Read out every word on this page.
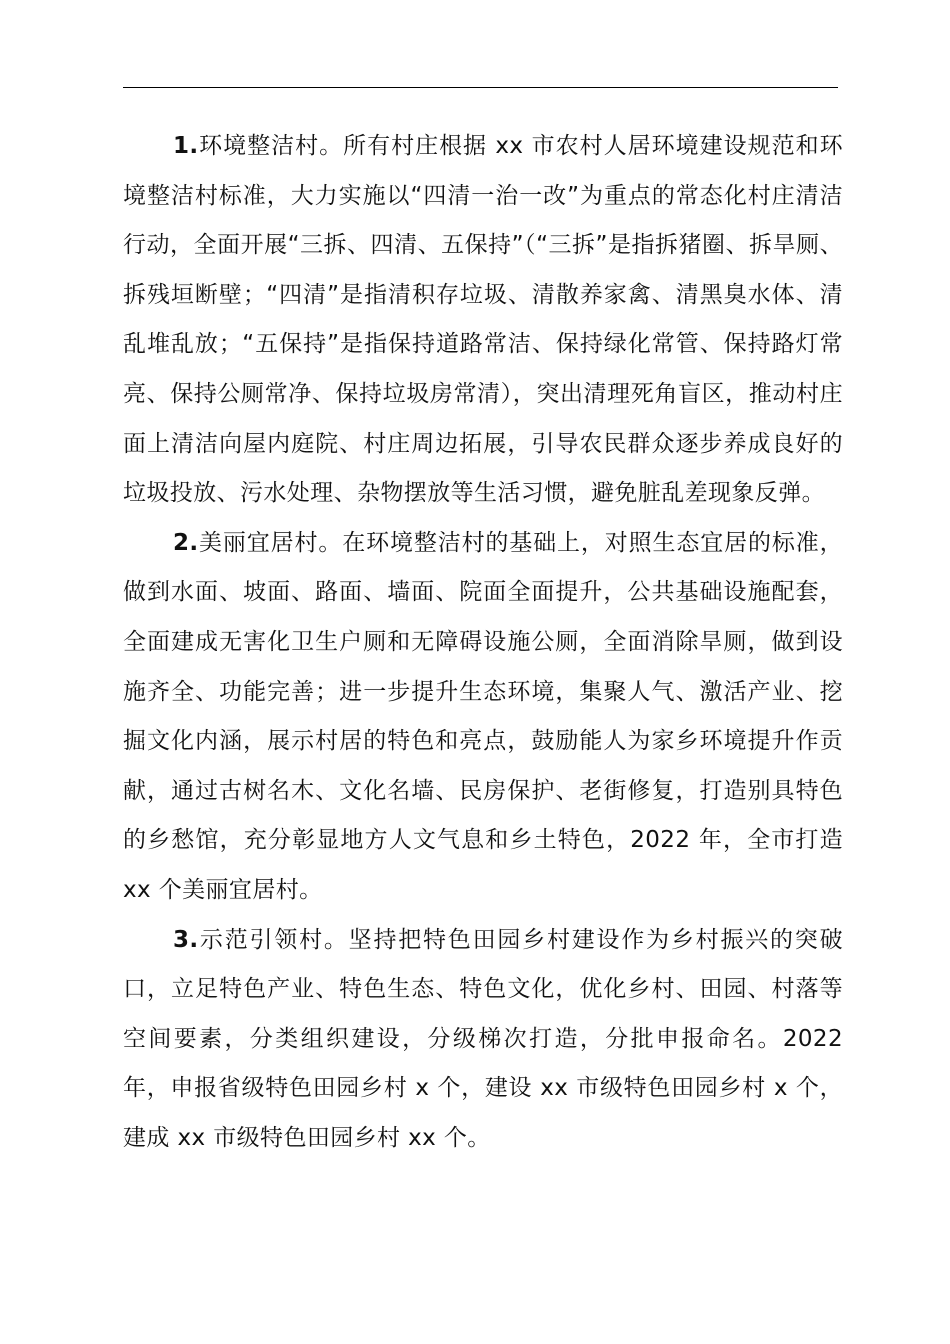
1.环境整洁村。所有村庄根据 xx 市农村人居环境建设规范和环境整洁村标准，大力实施以“四清一治一改”为重点的常态化村庄清洁行动，全面开展“三拆、四清、五保持”（“三拆”是指拆猪圈、拆旱厕、拆残垣断壁；“四清”是指清积存垃圾、清散养家禽、清黑臭水体、清乱堆乱放；“五保持”是指保持道路常洁、保持绿化常管、保持路灯常亮、保持公厕常净、保持垃圾房常清），突出清理死角盲区，推动村庄面上清洁向屋内庭院、村庄周边拓展，引导农民群众逐步养成良好的垃圾投放、污水处理、杂物摆放等生活习惯，避免脏乱差现象反弹。

2.美丽宜居村。在环境整洁村的基础上，对照生态宜居的标准，做到水面、坡面、路面、墙面、院面全面提升，公共基础设施配套，全面建成无害化卫生户厕和无障碍设施公厕，全面消除旱厕，做到设施齐全、功能完善；进一步提升生态环境，集聚人气、激活产业、挖掘文化内涵，展示村居的特色和亮点，鼓励能人为家乡环境提升作贡献，通过古树名木、文化名墙、民房保护、老街修复，打造别具特色的乡愁馆，充分彰显地方人文气息和乡土特色，2022 年，全市打造 xx 个美丽宜居村。

3.示范引领村。坚持把特色田园乡村建设作为乡村振兴的突破口，立足特色产业、特色生态、特色文化，优化乡村、田园、村落等空间要素，分类组织建设，分级梯次打造，分批申报命名。2022 年，申报省级特色田园乡村 x 个，建设 xx 市级特色田园乡村 x 个，建成 xx 市级特色田园乡村 xx 个。
